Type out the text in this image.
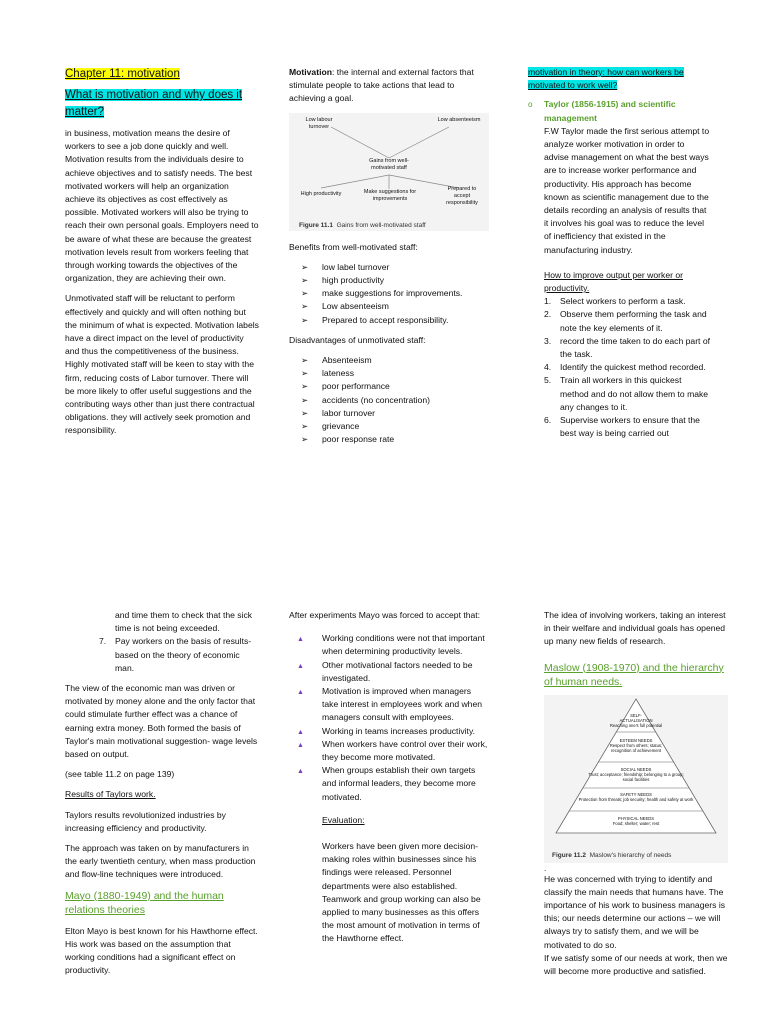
Chapter 11: motivation
What is motivation and why does it matter?

in business, motivation means the desire of workers to see a job done quickly and well. Motivation results from the individuals desire to achieve objectives and to satisfy needs. The best motivated workers will help an organization achieve its objectives as cost effectively as possible. Motivated workers will also be trying to reach their own personal goals. Employers need to be aware of what these are because the greatest motivation levels result from workers feeling that through working towards the objectives of the organization, they are achieving their own.

Unmotivated staff will be reluctant to perform effectively and quickly and will often nothing but the minimum of what is expected. Motivation labels have a direct impact on the level of productivity and thus the competitiveness of the business. Highly motivated staff will be keen to stay with the firm, reducing costs of Labor turnover. There will be more likely to offer useful suggestions and the contributing ways other than just there contractual obligations. they will actively seek promotion and responsibility.

Motivation: the internal and external factors that stimulate people to take actions that lead to achieving a goal.

Gains from well-motivated staff
Low labour turnover
Low absenteeism
High productivity	Make suggestions for improvements
Prepared to accept responsibility
Figure 11.1 Gains from well-motivated staff

Benefits from well-motivated staff:

➢ low label turnover
➢ high productivity
➢ make suggestions for improvements.
➢ Low absenteeism
➢ Prepared to accept responsibility.

Disadvantages of unmotivated staff:

➢ Absenteeism
➢ lateness
➢ poor performance
➢ accidents (no concentration)
➢ labor turnover
➢ grievance
➢ poor response rate

motivation in theory: how can workers be motivated to work well?

o Taylor (1856-1915) and scientific management

F.W Taylor made the first serious attempt to analyze worker motivation in order to advise management on what the best ways are to increase worker performance and productivity. His approach has become known as scientific management due to the details recording an analysis of results that it involves his goal was to reduce the level of inefficiency that existed in the manufacturing industry.

How to improve output per worker or productivity.

1. Select workers to perform a task.
2. Observe them performing the task and note the key elements of it.
3. record the time taken to do each part of the task.
4. Identify the quickest method recorded.
5. Train all workers in this quickest method and do not allow them to make any changes to it.
6. Supervise workers to ensure that the best way is being carried out

and time them to check that the sick time is not being exceeded.

7. Pay workers on the basis of results- based on the theory of economic man.

The view of the economic man was driven or motivated by money alone and the only factor that could stimulate further effect was a chance of earning extra money. Both formed the basis of Taylor's main motivational suggestion- wage levels based on output.

(see table 11.2 on page 139)

Results of Taylors work.

Taylors results revolutionized industries by increasing efficiency and productivity.

The approach was taken on by manufacturers in the early twentieth century, when mass production and flow-line techniques were introduced.

Mayo (1880-1949) and the human relations theories

Elton Mayo is best known for his Hawthorne effect. His work was based on the assumption that working conditions had a significant effect on productivity.

After experiments Mayo was forced to accept that:

▲ Working conditions were not that important when determining productivity levels.
▲ Other motivational factors needed to be investigated.
▲ Motivation is improved when managers take interest in employees work and when managers consult with employees.
▲ Working in teams increases productivity.
▲ When workers have control over their work, they become more motivated.
▲ When groups establish their own targets and informal leaders, they become more motivated.

Evaluation:

Workers have been given more decision-making roles within businesses since his findings were released. Personnel departments were also established.

Teamwork and group working can also be applied to many businesses as this offers the most amount of motivation in terms of the Hawthorne effect.

The idea of involving workers, taking an interest in their welfare and individual goals has opened up many new fields of research.

Maslow (1908-1970) and the hierarchy of human needs.
SELF-
ACTUALISATION
Reaching one's full potential
ESTEEM NEEDS
Respect from others; status; recognition of achievement
SOCIAL NEEDS
Trust; acceptance; friendship; belonging to a group; social facilities
SAFETY NEEDS
Protection from threats; job security; health and safety at work
PHYSICAL NEEDS
Food; shelter; water; rest
Figure 11.2 Maslow's hierarchy of needs
.

He was concerned with trying to identify and classify the main needs that humans have. The importance of his work to business managers is this; our needs determine our actions – we will always try to satisfy them, and we will be motivated to do so.

If we satisfy some of our needs at work, then we will become more productive and satisfied.
